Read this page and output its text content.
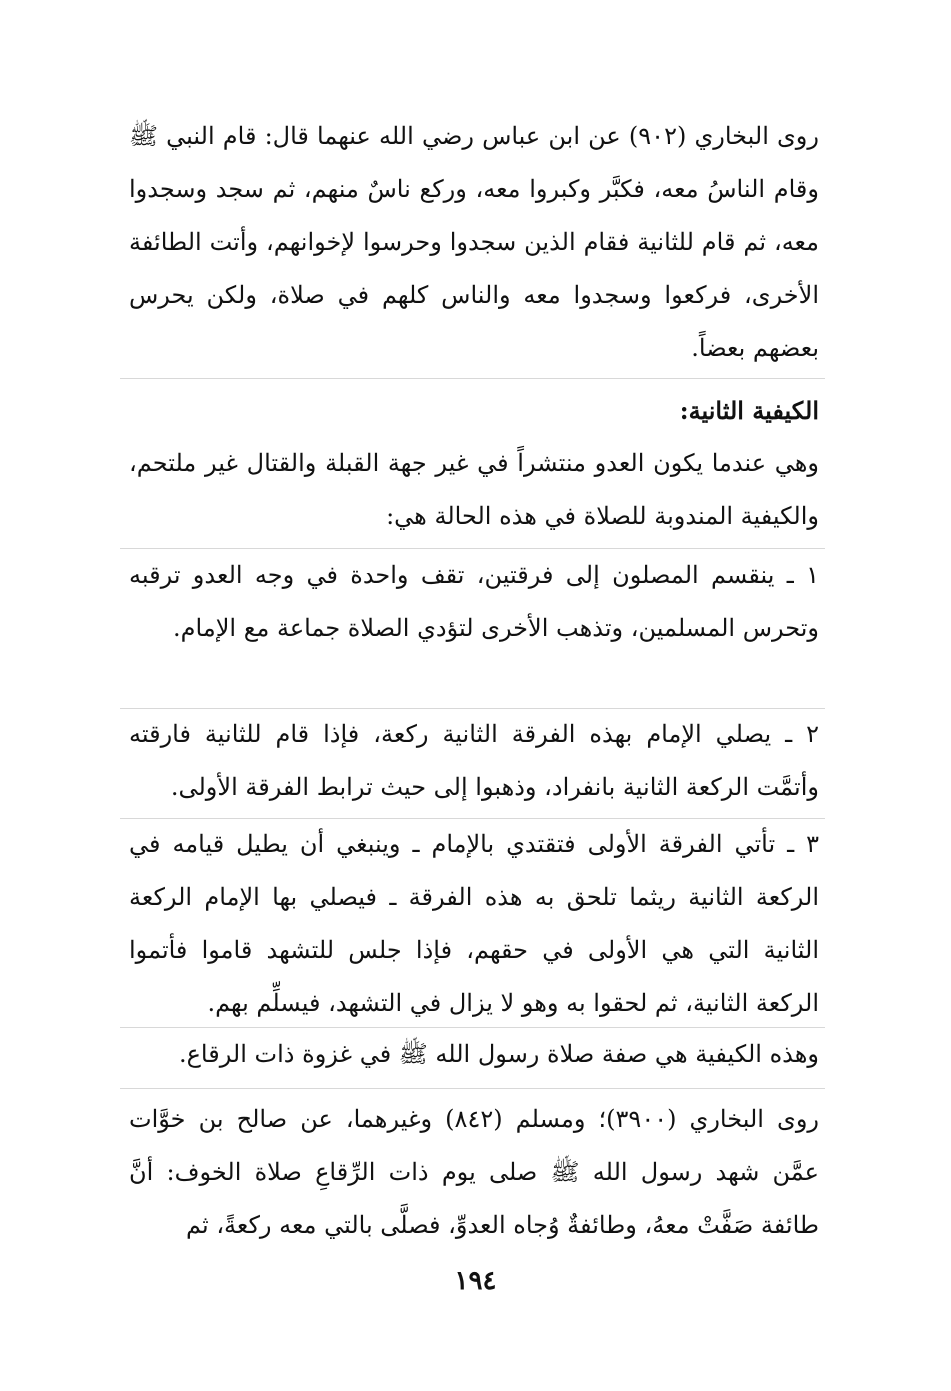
روى البخاري (٩٠٢) عن ابن عباس رضي الله عنهما قال: قام النبي ﷺ وقام الناسُ معه، فكبَّر وكبروا معه، وركع ناسٌ منهم، ثم سجد وسجدوا معه، ثم قام للثانية فقام الذين سجدوا وحرسوا لإخوانهم، وأتت الطائفة الأخرى، فركعوا وسجدوا معه والناس كلهم في صلاة، ولكن يحرس بعضهم بعضاً.

الكيفية الثانية:

وهي عندما يكون العدو منتشراً في غير جهة القبلة والقتال غير ملتحم، والكيفية المندوبة للصلاة في هذه الحالة هي:

١ ـ ينقسم المصلون إلى فرقتين، تقف واحدة في وجه العدو ترقبه وتحرس المسلمين، وتذهب الأخرى لتؤدي الصلاة جماعة مع الإمام.

٢ ـ يصلي الإمام بهذه الفرقة الثانية ركعة، فإذا قام للثانية فارقته وأتمَّت الركعة الثانية بانفراد، وذهبوا إلى حيث ترابط الفرقة الأولى.

٣ ـ تأتي الفرقة الأولى فتقتدي بالإمام ـ وينبغي أن يطيل قيامه في الركعة الثانية ريثما تلحق به هذه الفرقة ـ فيصلي بها الإمام الركعة الثانية التي هي الأولى في حقهم، فإذا جلس للتشهد قاموا فأتموا الركعة الثانية، ثم لحقوا به وهو لا يزال في التشهد، فيسلِّم بهم.

وهذه الكيفية هي صفة صلاة رسول الله ﷺ في غزوة ذات الرقاع.

روى البخاري (٣٩٠٠)؛ ومسلم (٨٤٢) وغيرهما، عن صالح بن خوَّات عمَّن شهد رسول الله ﷺ صلى يوم ذات الرِّقاعِ صلاة الخوف: أنَّ طائفة صَفَّتْ معهُ، وطائفةٌ وُجاه العدوِّ، فصلَّى بالتي معه ركعةً، ثم

١٩٤
